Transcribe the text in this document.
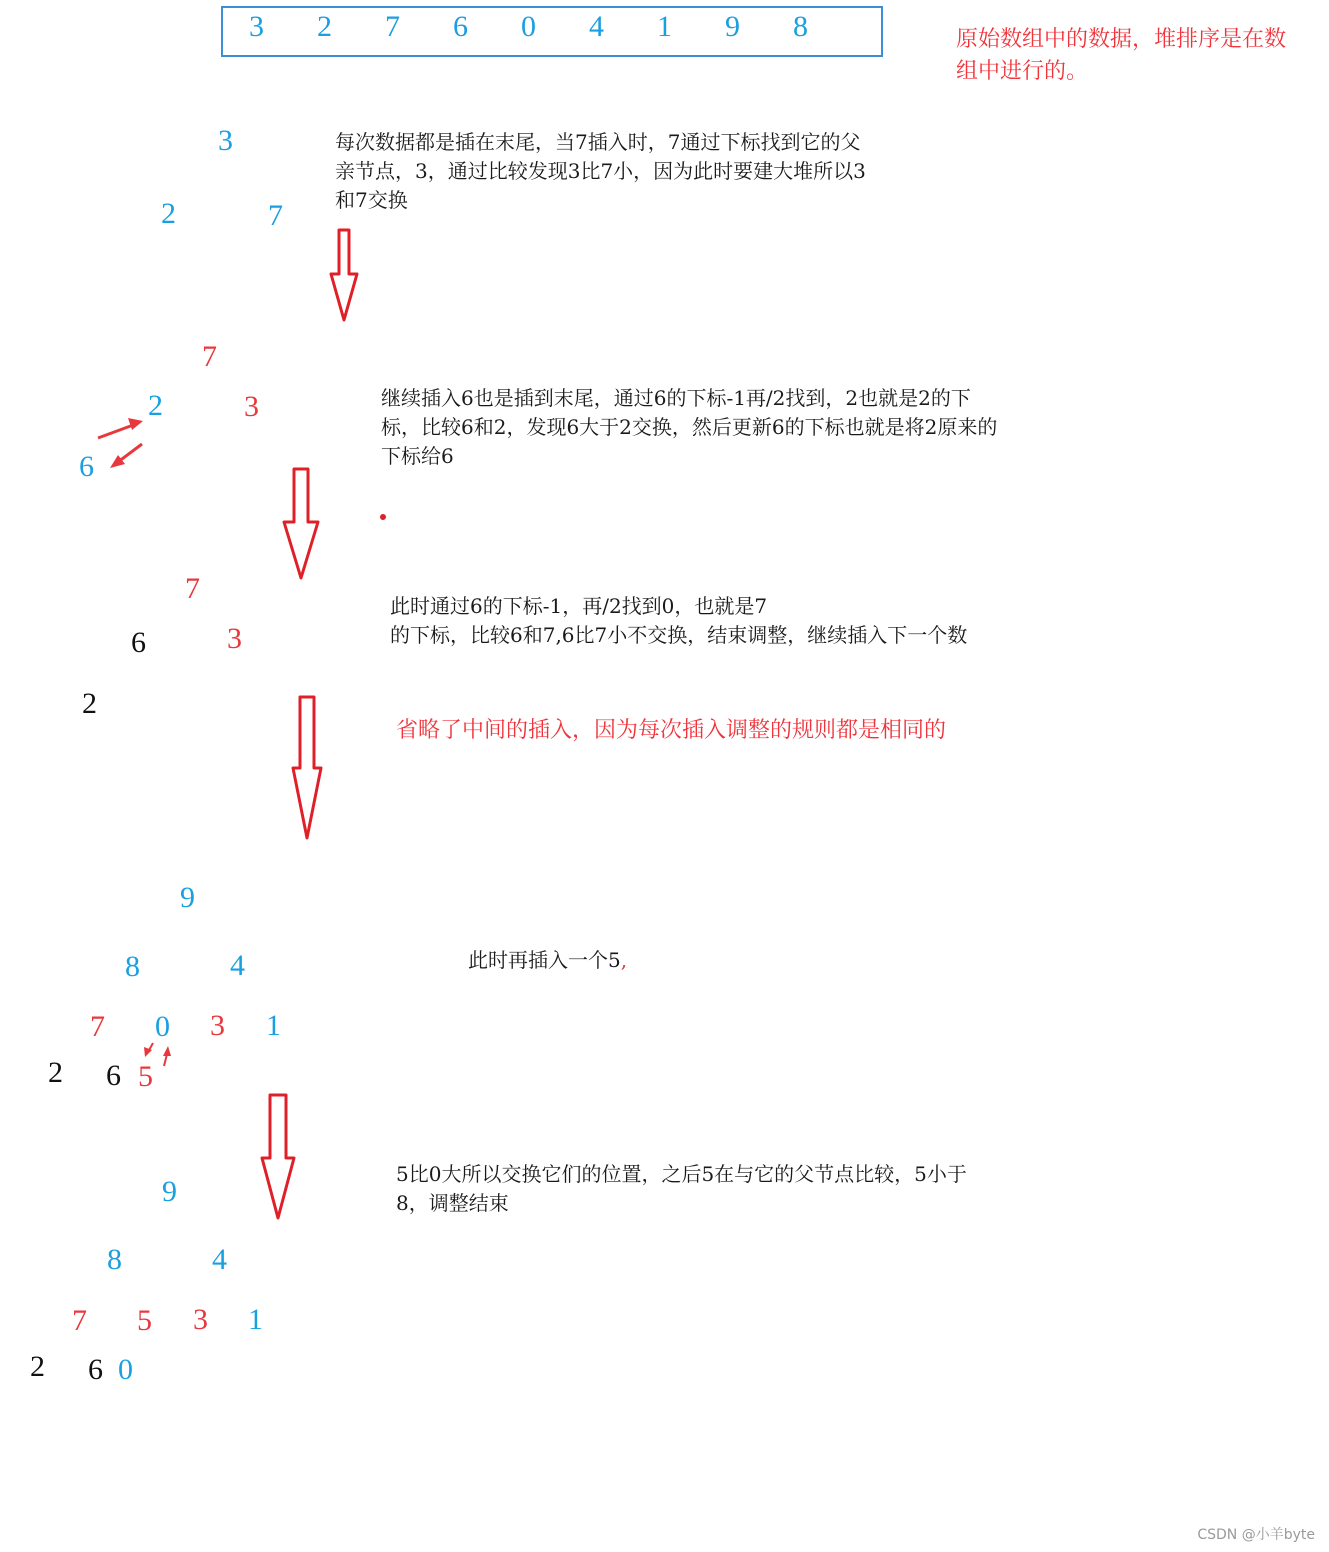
3 2 7 6 0 4 1 9 8	原始数组中的数据，堆排序是在数
组中进行的。
3
2	7
每次数据都是插在末尾，当7插入时，7通过下标找到它的父
亲节点，3，通过比较发现3比7小，因为此时要建大堆所以3
和7交换
7
2	3
6
继续插入6也是插到末尾，通过6的下标-1再/2找到，2也就是2的下
标，比较6和2，发现6大于2交换，然后更新6的下标也就是将2原来的
下标给6
7
6	3
2
此时通过6的下标-1，再/2找到0，也就是7
的下标，比较6和7,6比7小不交换，结束调整，继续插入下一个数
省略了中间的插入，因为每次插入调整的规则都是相同的
9
8	4
7 0 3 1
2 6 5
此时再插入一个5,
9
8	4
7 5 3 1
2 6 0
5比0大所以交换它们的位置，之后5在与它的父节点比较，5小于
8，调整结束
CSDN @小羊byte
